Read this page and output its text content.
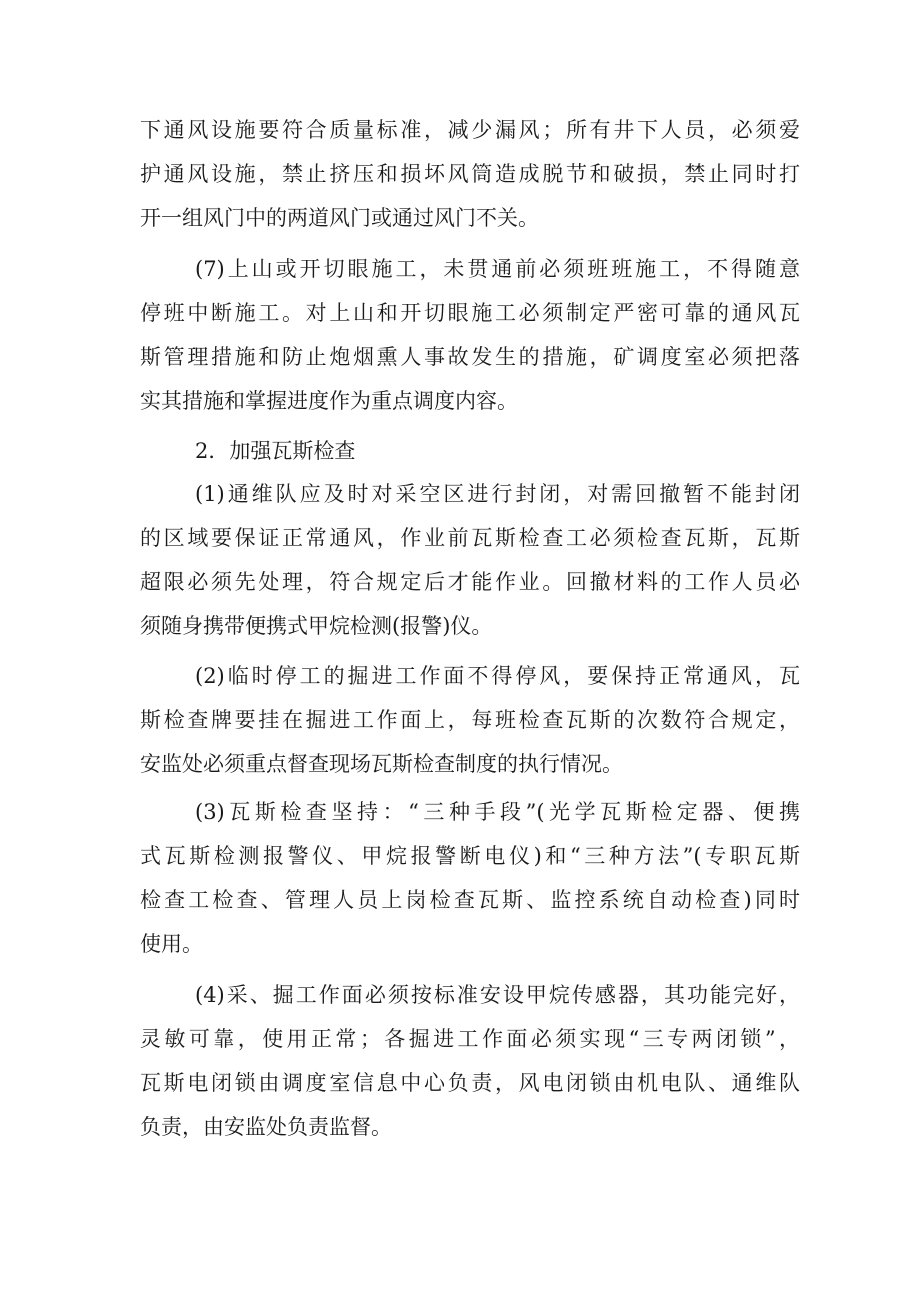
下通风设施要符合质量标准，减少漏风；所有井下人员，必须爱
护通风设施，禁止挤压和损坏风筒造成脱节和破损，禁止同时打
开一组风门中的两道风门或通过风门不关。
(7)上山或开切眼施工，未贯通前必须班班施工，不得随意
停班中断施工。对上山和开切眼施工必须制定严密可靠的通风瓦
斯管理措施和防止炮烟熏人事故发生的措施，矿调度室必须把落
实其措施和掌握进度作为重点调度内容。
2．加强瓦斯检查
(1)通维队应及时对采空区进行封闭，对需回撤暂不能封闭
的区域要保证正常通风，作业前瓦斯检查工必须检查瓦斯，瓦斯
超限必须先处理，符合规定后才能作业。回撤材料的工作人员必
须随身携带便携式甲烷检测(报警)仪。
(2)临时停工的掘进工作面不得停风，要保持正常通风，瓦
斯检查牌要挂在掘进工作面上，每班检查瓦斯的次数符合规定，
安监处必须重点督查现场瓦斯检查制度的执行情况。
(3)瓦斯检查坚持：“三种手段”(光学瓦斯检定器、便携
式瓦斯检测报警仪、甲烷报警断电仪)和“三种方法”(专职瓦斯
检查工检查、管理人员上岗检查瓦斯、监控系统自动检查)同时
使用。
(4)采、掘工作面必须按标准安设甲烷传感器，其功能完好，
灵敏可靠，使用正常；各掘进工作面必须实现“三专两闭锁”，
瓦斯电闭锁由调度室信息中心负责，风电闭锁由机电队、通维队
负责，由安监处负责监督。
